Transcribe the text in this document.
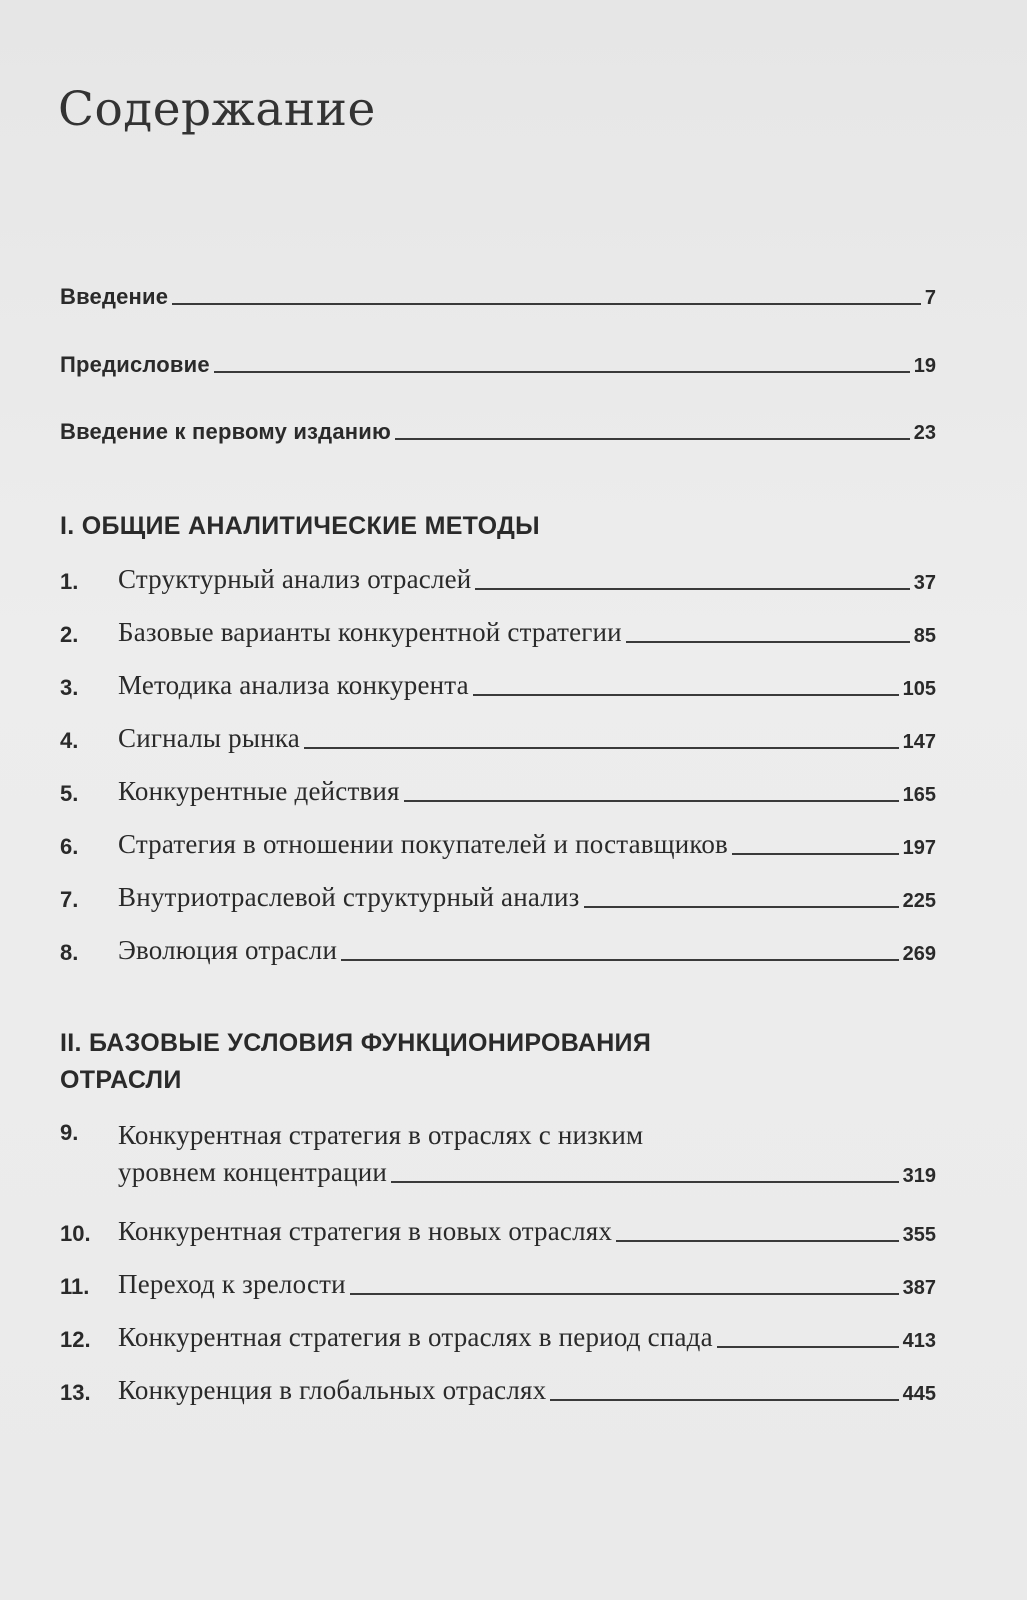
Содержание
Введение	7
Предисловие	19
Введение к первому изданию	23
I. ОБЩИЕ АНАЛИТИЧЕСКИЕ МЕТОДЫ
1.	Структурный анализ отраслей	37
2.	Базовые варианты конкурентной стратегии	85
3.	Методика анализа конкурента	105
4.	Сигналы рынка	147
5.	Конкурентные действия	165
6.	Стратегия в отношении покупателей и поставщиков	197
7.	Внутриотраслевой структурный анализ	225
8.	Эволюция отрасли	269
II. БАЗОВЫЕ УСЛОВИЯ ФУНКЦИОНИРОВАНИЯ
ОТРАСЛИ
9.	Конкурентная стратегия в отраслях с низким
уровнем концентрации	319
10.	Конкурентная стратегия в новых отраслях	355
11.	Переход к зрелости	387
12.	Конкурентная стратегия в отраслях в период спада	413
13.	Конкуренция в глобальных отраслях	445
